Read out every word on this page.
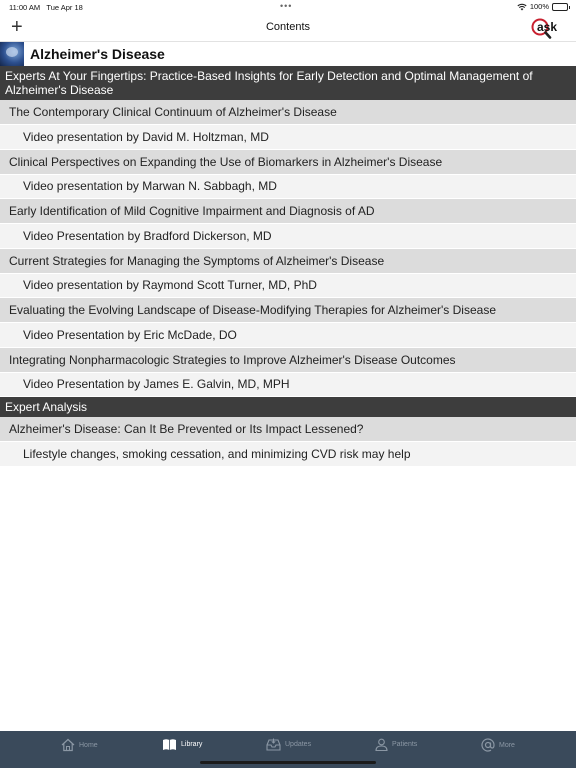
11:00 AM Tue Apr 18	•••	100%
+	Contents	ask
Alzheimer's Disease
Experts At Your Fingertips: Practice-Based Insights for Early Detection and Optimal Management of Alzheimer's Disease
The Contemporary Clinical Continuum of Alzheimer's Disease
Video presentation by David M. Holtzman, MD
Clinical Perspectives on Expanding the Use of Biomarkers in Alzheimer's Disease
Video presentation by Marwan N. Sabbagh, MD
Early Identification of Mild Cognitive Impairment and Diagnosis of AD
Video Presentation by Bradford Dickerson, MD
Current Strategies for Managing the Symptoms of Alzheimer's Disease
Video presentation by Raymond Scott Turner, MD, PhD
Evaluating the Evolving Landscape of Disease-Modifying Therapies for Alzheimer's Disease
Video Presentation by Eric McDade, DO
Integrating Nonpharmacologic Strategies to Improve Alzheimer's Disease Outcomes
Video Presentation by James E. Galvin, MD, MPH
Expert Analysis
Alzheimer's Disease: Can It Be Prevented or Its Impact Lessened?
Lifestyle changes, smoking cessation, and minimizing CVD risk may help
Home	Library	Updates	Patients	More
